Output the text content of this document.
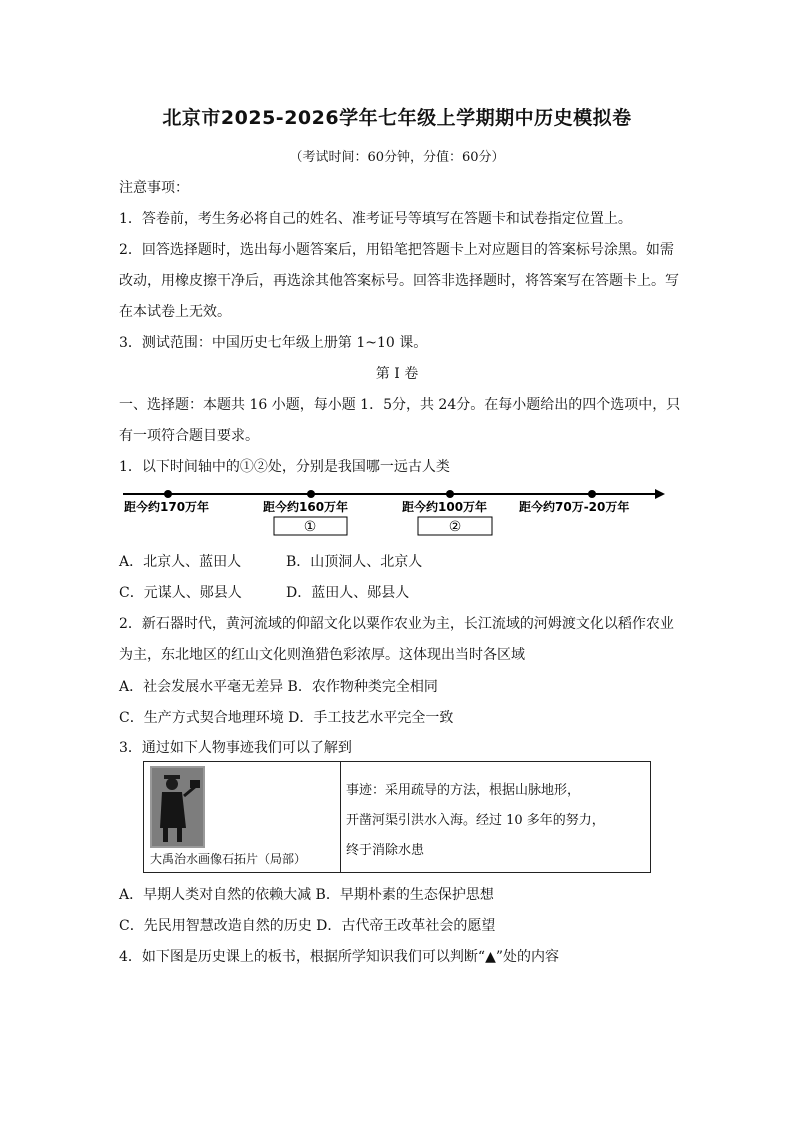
北京市2025-2026学年七年级上学期期中历史模拟卷
（考试时间：60分钟，分值：60分）
注意事项：
1．答卷前，考生务必将自己的姓名、准考证号等填写在答题卡和试卷指定位置上。
2．回答选择题时，选出每小题答案后，用铅笔把答题卡上对应题目的答案标号涂黑。如需
改动，用橡皮擦干净后，再选涂其他答案标号。回答非选择题时，将答案写在答题卡上。写
在本试卷上无效。
3．测试范围：中国历史七年级上册第 1~10 课。
第 I 卷
一、选择题：本题共 16 小题，每小题 1．5分，共 24分。在每小题给出的四个选项中，只
有一项符合题目要求。
1．以下时间轴中的①②处，分别是我国哪一远古人类
距今约170万年	距今约160万年	距今约100万年	距今约70万-20万年
①	②
A．北京人、蓝田人	B．山顶洞人、北京人
C．元谋人、郧县人	D．蓝田人、郧县人
2．新石器时代，黄河流域的仰韶文化以粟作农业为主，长江流域的河姆渡文化以稻作农业
为主，东北地区的红山文化则渔猎色彩浓厚。这体现出当时各区域
A．社会发展水平毫无差异 B．农作物种类完全相同
C．生产方式契合地理环境 D．手工技艺水平完全一致
3．通过如下人物事迹我们可以了解到
大禹治水画像石拓片（局部）
事迹：采用疏导的方法，根据山脉地形，
开凿河渠引洪水入海。经过 10 多年的努力，
终于消除水患
A．早期人类对自然的依赖大减 B．早期朴素的生态保护思想
C．先民用智慧改造自然的历史 D．古代帝王改革社会的愿望
4．如下图是历史课上的板书，根据所学知识我们可以判断“▲”处的内容
